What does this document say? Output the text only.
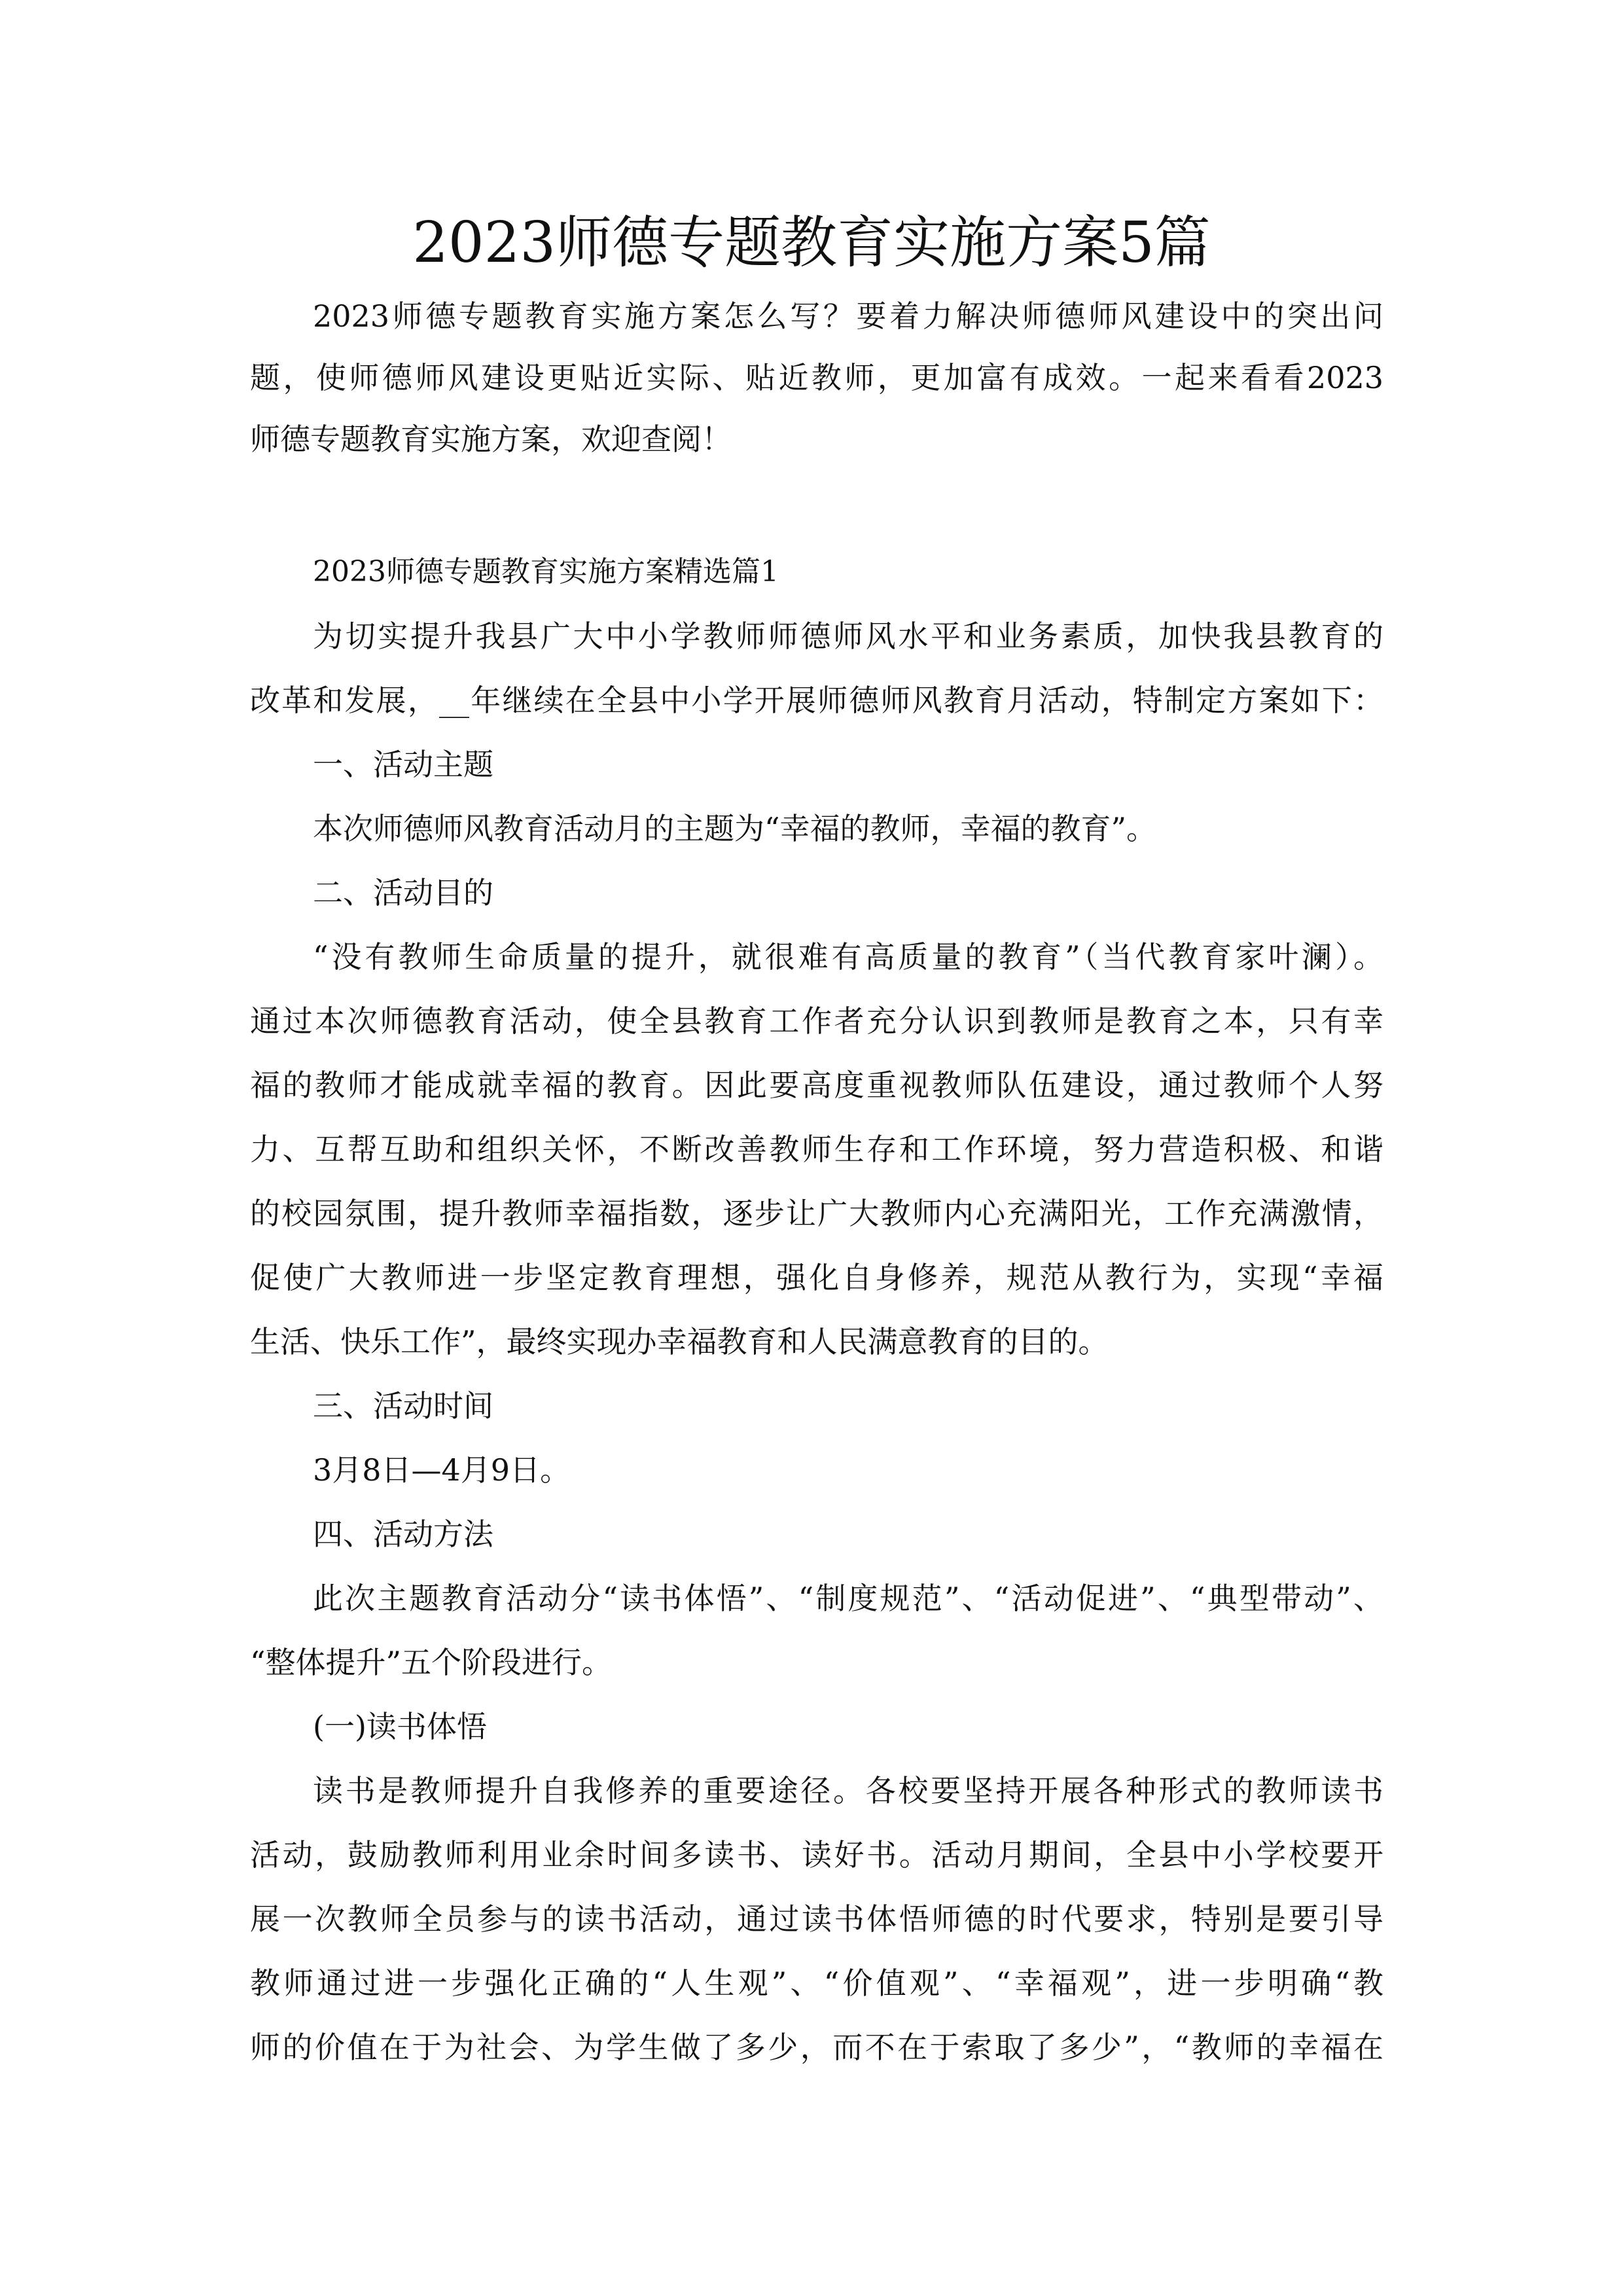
2023师德专题教育实施方案5篇
2023师德专题教育实施方案怎么写？要着力解决师德师风建设中的突出问
题，使师德师风建设更贴近实际、贴近教师，更加富有成效。一起来看看2023
师德专题教育实施方案，欢迎查阅！
2023师德专题教育实施方案精选篇1
为切实提升我县广大中小学教师师德师风水平和业务素质，加快我县教育的
改革和发展，__年继续在全县中小学开展师德师风教育月活动，特制定方案如下：
一、活动主题
本次师德师风教育活动月的主题为“幸福的教师，幸福的教育”。
二、活动目的
“没有教师生命质量的提升，就很难有高质量的教育”（当代教育家叶澜）。
通过本次师德教育活动，使全县教育工作者充分认识到教师是教育之本，只有幸
福的教师才能成就幸福的教育。因此要高度重视教师队伍建设，通过教师个人努
力、互帮互助和组织关怀，不断改善教师生存和工作环境，努力营造积极、和谐
的校园氛围，提升教师幸福指数，逐步让广大教师内心充满阳光，工作充满激情，
促使广大教师进一步坚定教育理想，强化自身修养，规范从教行为，实现“幸福
生活、快乐工作”，最终实现办幸福教育和人民满意教育的目的。
三、活动时间
3月8日—4月9日。
四、活动方法
此次主题教育活动分“读书体悟”、“制度规范”、“活动促进”、“典型带动”、
“整体提升”五个阶段进行。
(一)读书体悟
读书是教师提升自我修养的重要途径。各校要坚持开展各种形式的教师读书
活动，鼓励教师利用业余时间多读书、读好书。活动月期间，全县中小学校要开
展一次教师全员参与的读书活动，通过读书体悟师德的时代要求，特别是要引导
教师通过进一步强化正确的“人生观”、“价值观”、“幸福观”，进一步明确“教
师的价值在于为社会、为学生做了多少，而不在于索取了多少”，“教师的幸福在
